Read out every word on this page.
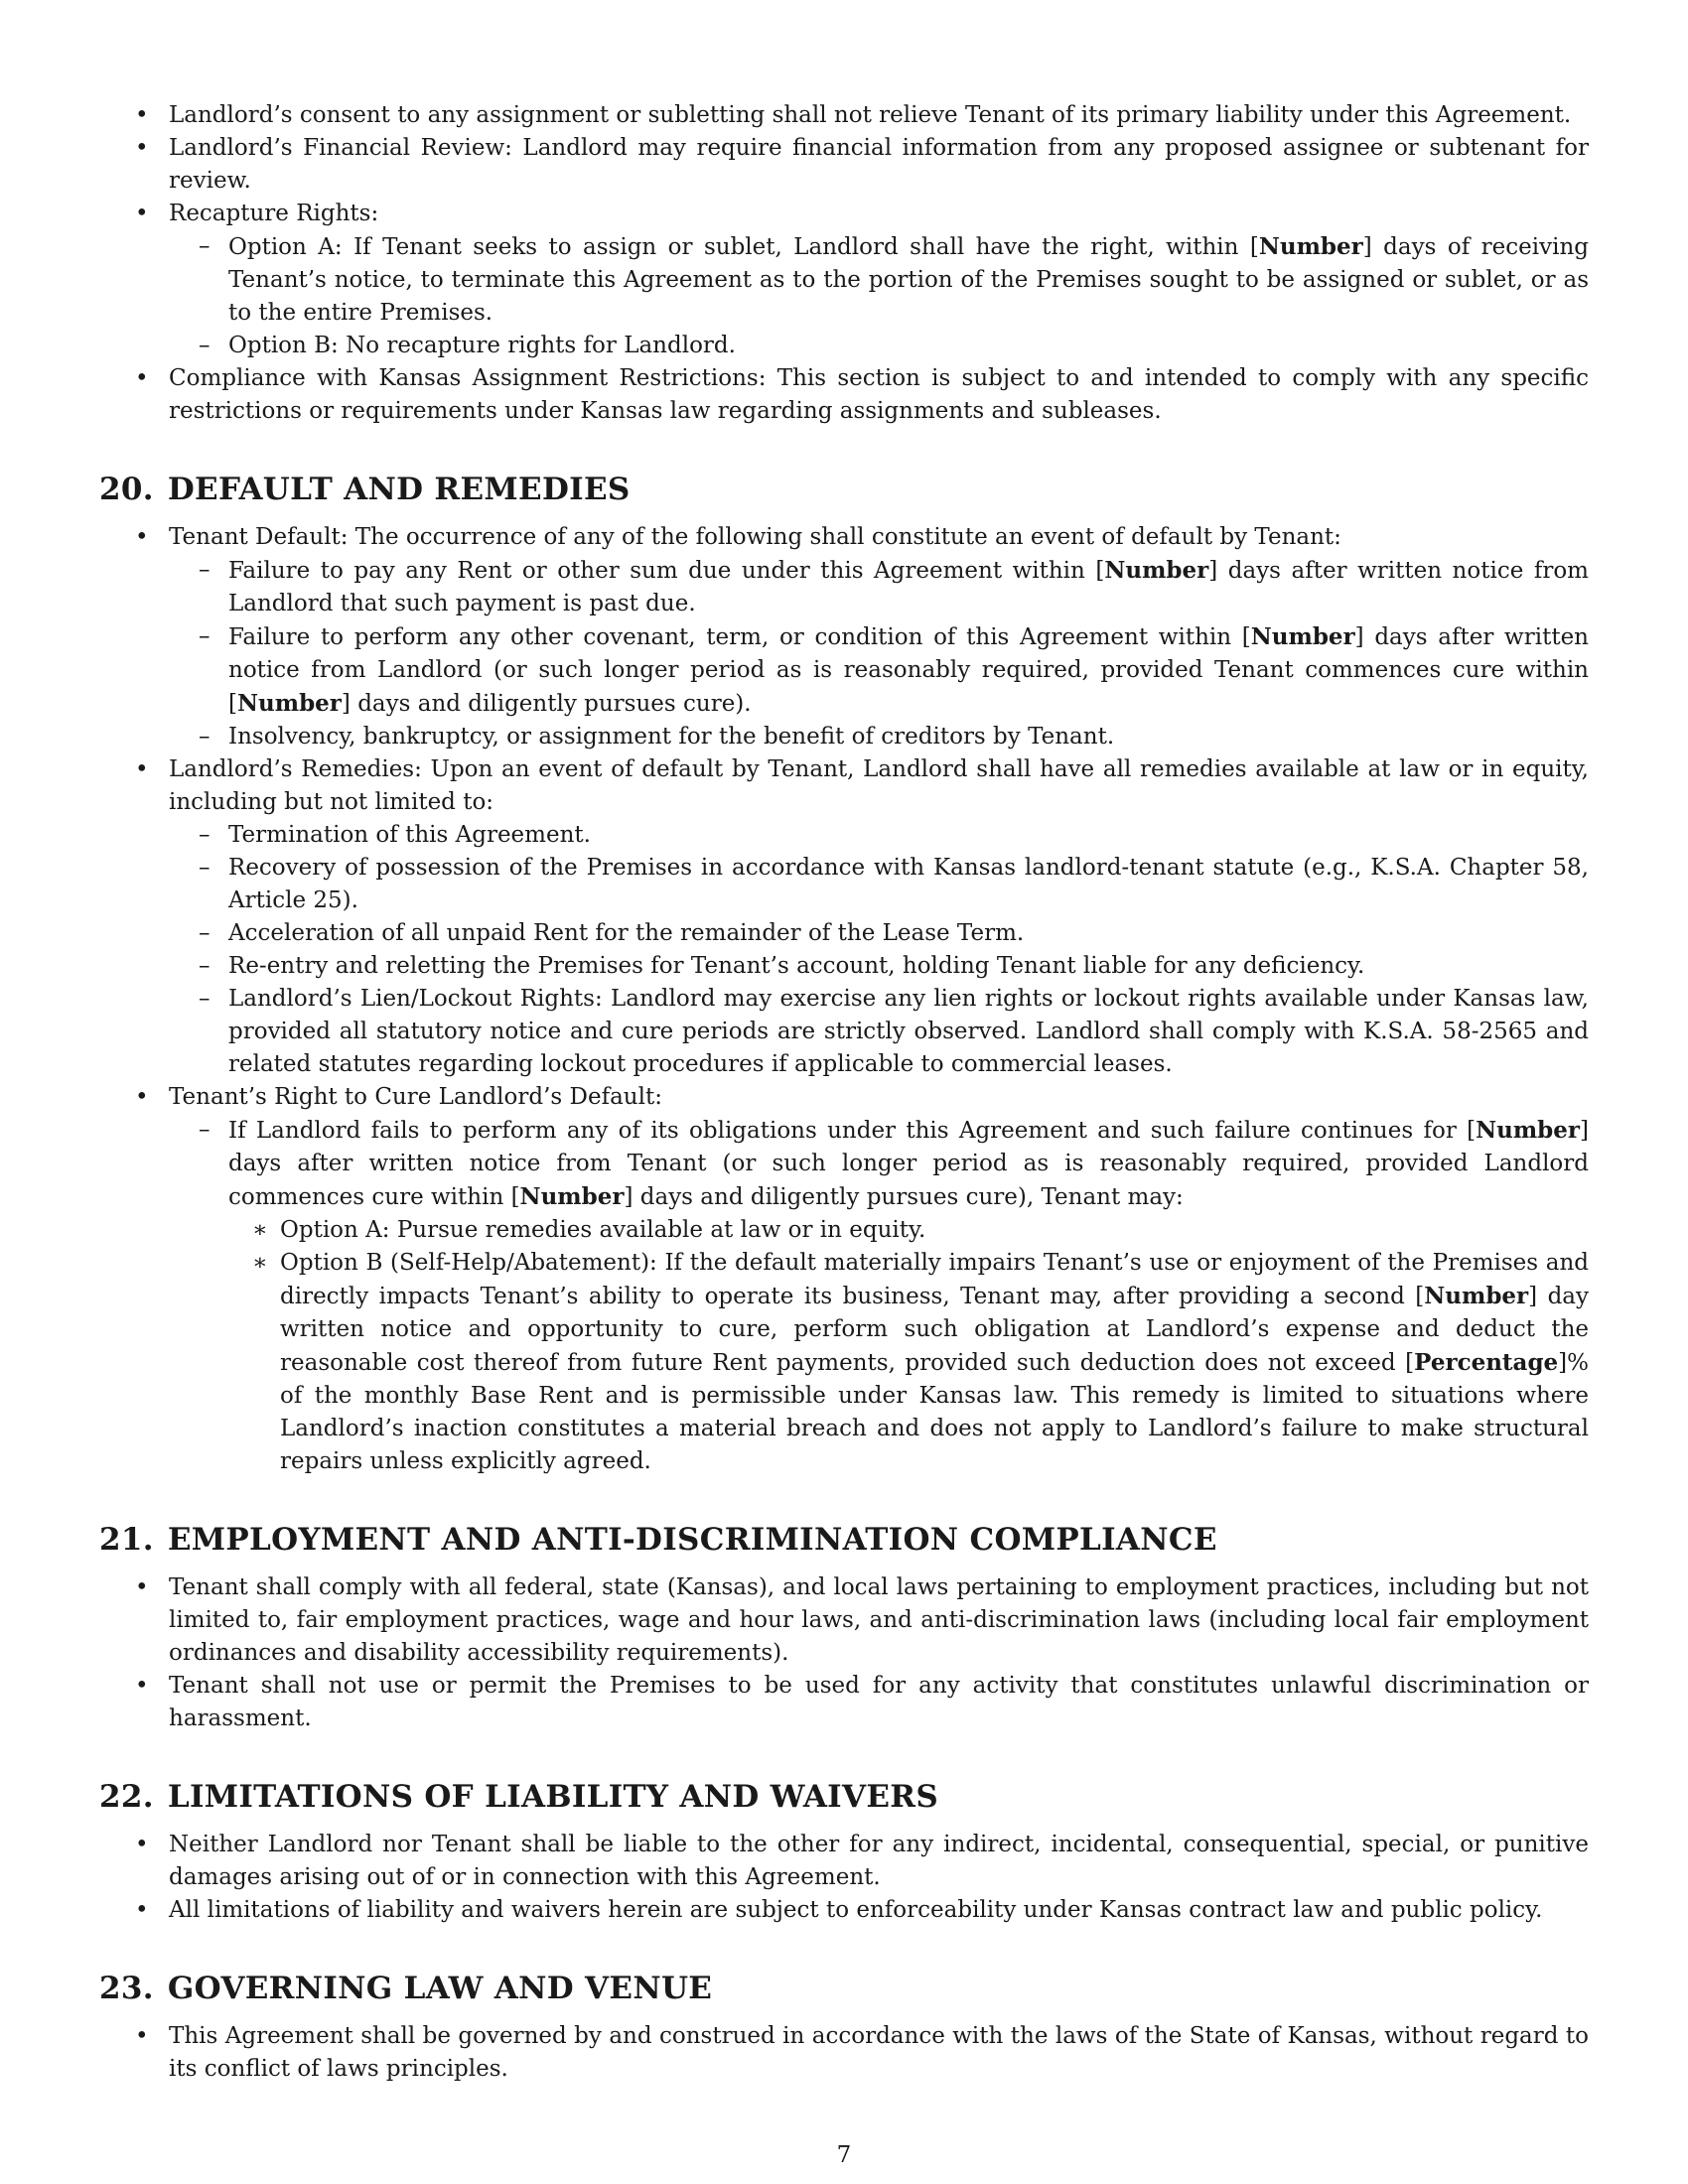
• Landlord’s consent to any assignment or subletting shall not relieve Tenant of its primary liability under this Agreement.
• Landlord’s Financial Review: Landlord may require financial information from any proposed assignee or subtenant for review.
• Recapture Rights:
– Option A: If Tenant seeks to assign or sublet, Landlord shall have the right, within [Number] days of receiving Tenant’s notice, to terminate this Agreement as to the portion of the Premises sought to be assigned or sublet, or as to the entire Premises.
– Option B: No recapture rights for Landlord.
• Compliance with Kansas Assignment Restrictions: This section is subject to and intended to comply with any specific restrictions or requirements under Kansas law regarding assignments and subleases.
20. DEFAULT AND REMEDIES
• Tenant Default: The occurrence of any of the following shall constitute an event of default by Tenant:
– Failure to pay any Rent or other sum due under this Agreement within [Number] days after written notice from Landlord that such payment is past due.
– Failure to perform any other covenant, term, or condition of this Agreement within [Number] days after written notice from Landlord (or such longer period as is reasonably required, provided Tenant commences cure within [Number] days and diligently pursues cure).
– Insolvency, bankruptcy, or assignment for the benefit of creditors by Tenant.
• Landlord’s Remedies: Upon an event of default by Tenant, Landlord shall have all remedies available at law or in equity, including but not limited to:
– Termination of this Agreement.
– Recovery of possession of the Premises in accordance with Kansas landlord-tenant statute (e.g., K.S.A. Chapter 58, Article 25).
– Acceleration of all unpaid Rent for the remainder of the Lease Term.
– Re-entry and reletting the Premises for Tenant’s account, holding Tenant liable for any deficiency.
– Landlord’s Lien/Lockout Rights: Landlord may exercise any lien rights or lockout rights available under Kansas law, provided all statutory notice and cure periods are strictly observed. Landlord shall comply with K.S.A. 58-2565 and related statutes regarding lockout procedures if applicable to commercial leases.
• Tenant’s Right to Cure Landlord’s Default:
– If Landlord fails to perform any of its obligations under this Agreement and such failure continues for [Number] days after written notice from Tenant (or such longer period as is reasonably required, provided Landlord commences cure within [Number] days and diligently pursues cure), Tenant may:
∗ Option A: Pursue remedies available at law or in equity.
∗ Option B (Self-Help/Abatement): If the default materially impairs Tenant’s use or enjoyment of the Premises and directly impacts Tenant’s ability to operate its business, Tenant may, after providing a second [Number] day written notice and opportunity to cure, perform such obligation at Landlord’s expense and deduct the reasonable cost thereof from future Rent payments, provided such deduction does not exceed [Percentage]% of the monthly Base Rent and is permissible under Kansas law. This remedy is limited to situations where Landlord’s inaction constitutes a material breach and does not apply to Landlord’s failure to make structural repairs unless explicitly agreed.
21. EMPLOYMENT AND ANTI-DISCRIMINATION COMPLIANCE
• Tenant shall comply with all federal, state (Kansas), and local laws pertaining to employment practices, including but not limited to, fair employment practices, wage and hour laws, and anti-discrimination laws (including local fair employment ordinances and disability accessibility requirements).
• Tenant shall not use or permit the Premises to be used for any activity that constitutes unlawful discrimination or harassment.
22. LIMITATIONS OF LIABILITY AND WAIVERS
• Neither Landlord nor Tenant shall be liable to the other for any indirect, incidental, consequential, special, or punitive damages arising out of or in connection with this Agreement.
• All limitations of liability and waivers herein are subject to enforceability under Kansas contract law and public policy.
23. GOVERNING LAW AND VENUE
• This Agreement shall be governed by and construed in accordance with the laws of the State of Kansas, without regard to its conflict of laws principles.
7
